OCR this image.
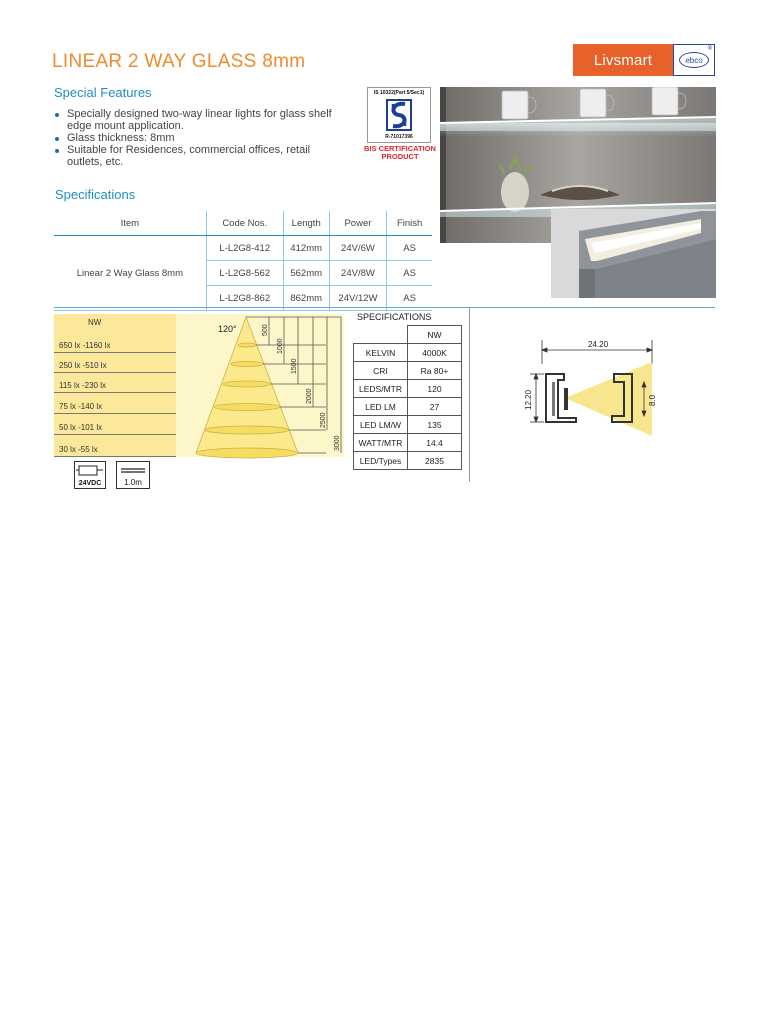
LINEAR 2 WAY GLASS 8mm	Livsmart	ebco
®
Special Features
Specially designed two-way linear lights for glass shelf edge mount application.
Glass thickness: 8mm
Suitable for Residences, commercial offices, retail outlets, etc.
IS 10322(Part 5/Sec1)
R-71017396
BIS CERTIFICATION
PRODUCT
Specifications
Item	Code Nos.	Length	Power	Finish
Linear 2 Way Glass 8mm	L-L2G8-412	412mm	24V/6W	AS
	L-L2G8-562	562mm	24V/8W	AS
	L-L2G8-862	862mm	24V/12W	AS
NW
650 lx -1160 lx
250 lx -510 lx
115 lx -230 lx
75 lx -140 lx
50 lx -101 lx
30 lx -55 lx
500
1000
1500
2000
2500
3000
120°
24VDC	1.0m
SPECIFICATIONS
	NW
KELVIN	4000K
CRI	Ra 80+
LEDS/MTR	120
LED LM	27
LED LM/W	135
WATT/MTR	14.4
LED/Types	2835
24.20
12.20	8.0
